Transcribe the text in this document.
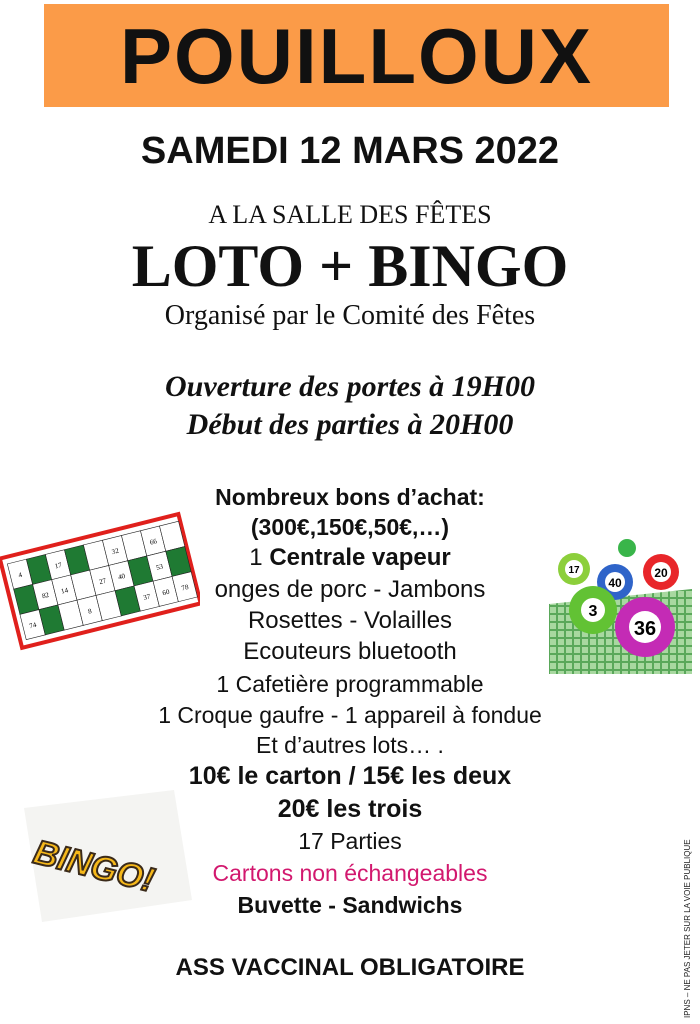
POUILLOUX
SAMEDI 12 MARS 2022
A LA SALLE DES FÊTES
LOTO + BINGO
Organisé par le Comité des Fêtes
Ouverture des portes à 19H00
Début des parties à 20H00
Nombreux bons d’achat:
(300€,150€,50€,…)
1 Centrale vapeur
onges de porc - Jambons
Rosettes - Volailles
Ecouteurs bluetooth
1 Cafetière programmable
1 Croque gaufre - 1 appareil à fondue
Et d’autres lots… .
10€ le carton / 15€ les deux
20€ les trois
17 Parties
Cartons non échangeables
Buvette - Sandwichs
ASS VACCINAL OBLIGATOIRE
4
17
32
66
82
14
27
40
53
74
8
37
60
78
17	20
40
3
36
BINGO!	IPNS – NE PAS JETER SUR LA VOIE PUBLIQUE
